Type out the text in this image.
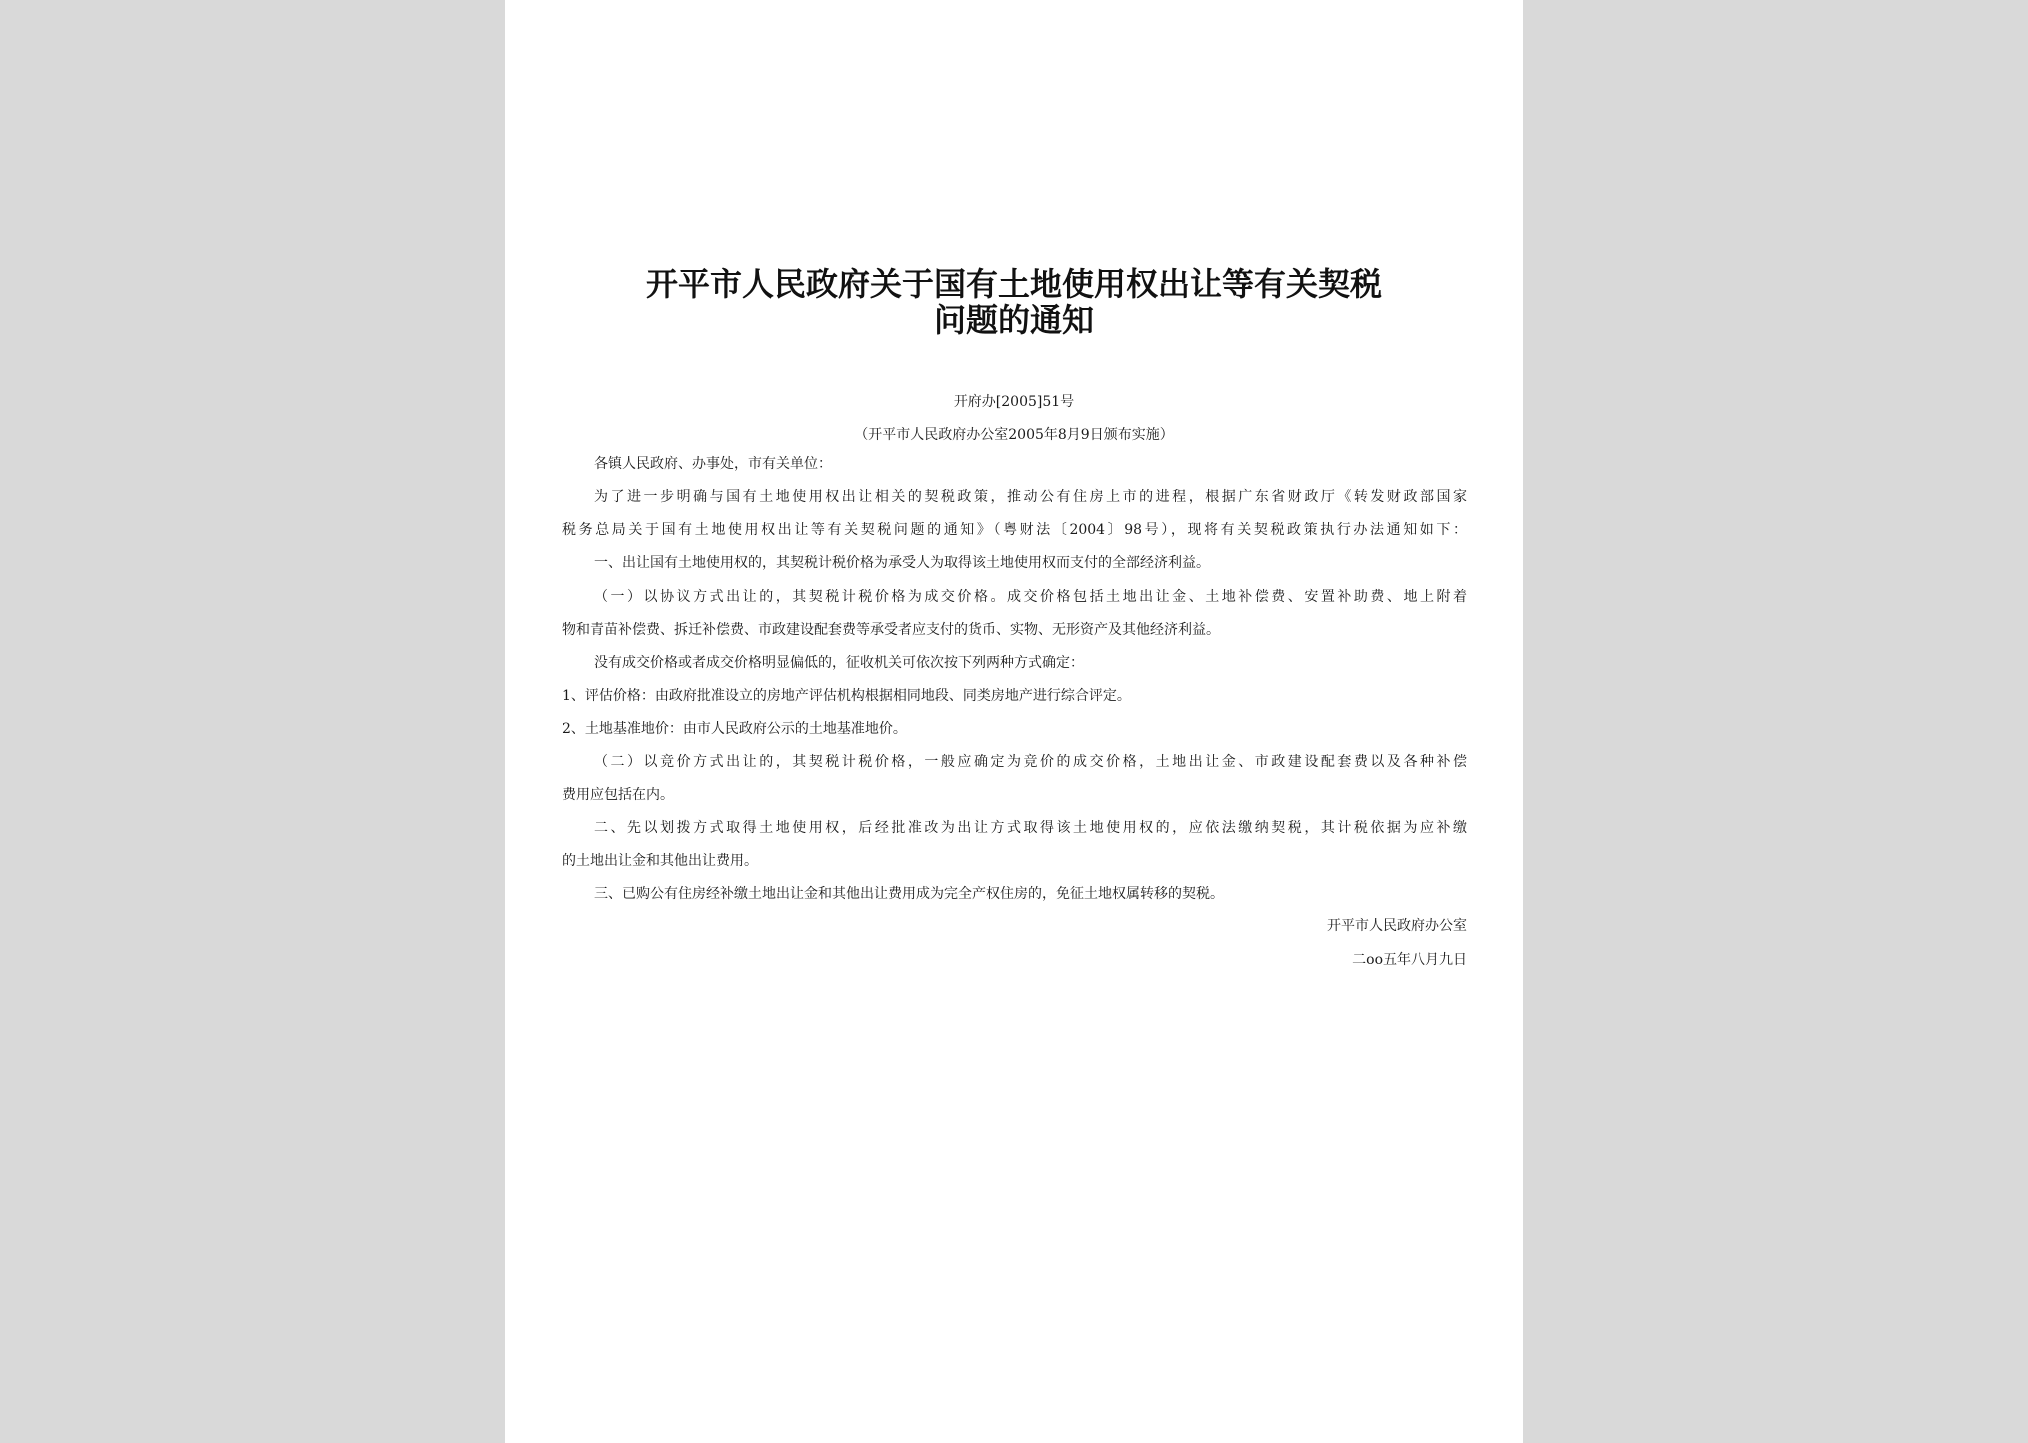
开平市人民政府关于国有土地使用权出让等有关契税
问题的通知
开府办[2005]51号
（开平市人民政府办公室2005年8月9日颁布实施）

各镇人民政府、办事处，市有关单位：

为了进一步明确与国有土地使用权出让相关的契税政策，推动公有住房上市的进程，根据广东省财政厅《转发财政部国家

税务总局关于国有土地使用权出让等有关契税问题的通知》（粤财法〔2004〕98号），现将有关契税政策执行办法通知如下：

一、出让国有土地使用权的，其契税计税价格为承受人为取得该土地使用权而支付的全部经济利益。

（一）以协议方式出让的，其契税计税价格为成交价格。成交价格包括土地出让金、土地补偿费、安置补助费、地上附着

物和青苗补偿费、拆迁补偿费、市政建设配套费等承受者应支付的货币、实物、无形资产及其他经济利益。

没有成交价格或者成交价格明显偏低的，征收机关可依次按下列两种方式确定：

1、评估价格：由政府批准设立的房地产评估机构根据相同地段、同类房地产进行综合评定。

2、土地基准地价：由市人民政府公示的土地基准地价。

（二）以竞价方式出让的，其契税计税价格，一般应确定为竞价的成交价格，土地出让金、市政建设配套费以及各种补偿

费用应包括在内。

二、先以划拨方式取得土地使用权，后经批准改为出让方式取得该土地使用权的，应依法缴纳契税，其计税依据为应补缴

的土地出让金和其他出让费用。

三、已购公有住房经补缴土地出让金和其他出让费用成为完全产权住房的，免征土地权属转移的契税。

开平市人民政府办公室
二oo五年八月九日
